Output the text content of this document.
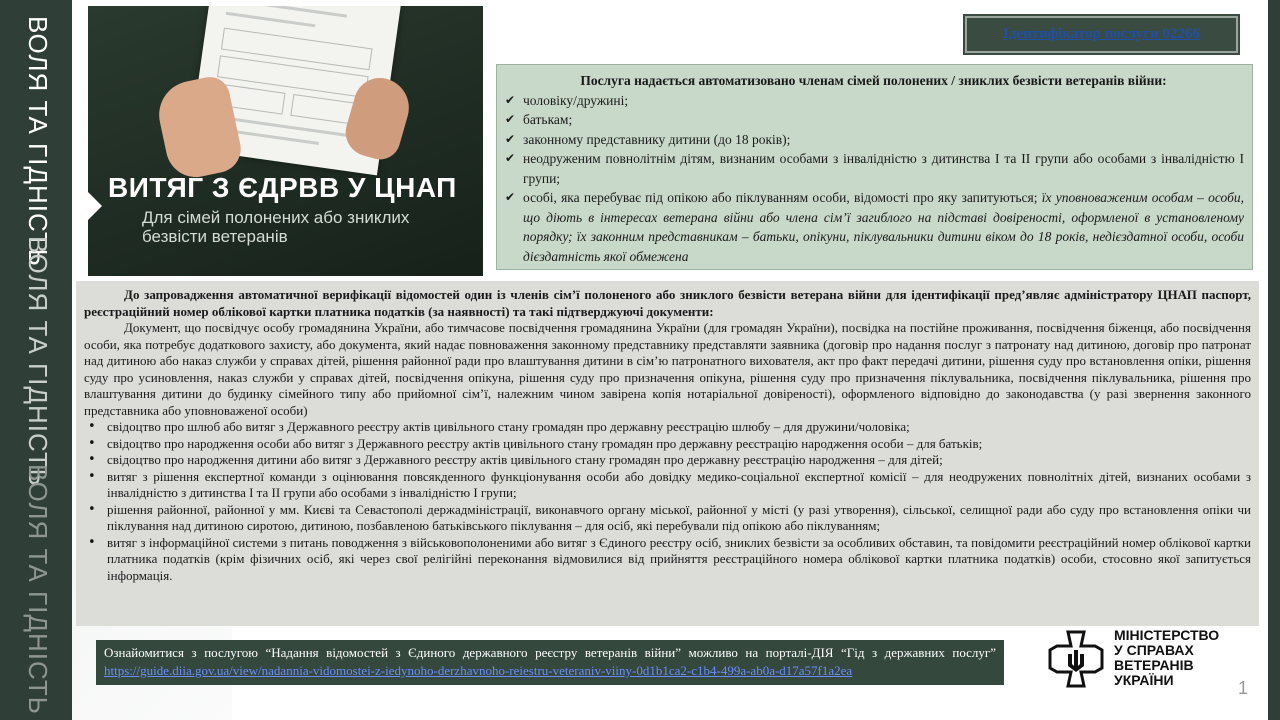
ВОЛЯ ТА ГІДНІСТЬ
ВОЛЯ ТА ГІДНІСТЬ
ВОЛЯ ТА ГІДНІСТЬ
ВИТЯГ З ЄДРВВ У ЦНАП
Для сімей полонених або зниклих безвісти ветеранів
Ідентифікатор послуги 02266
Послуга надається автоматизовано членам сімей полонених / зниклих безвісти ветеранів війни:
✔ чоловіку/дружині;
✔ батькам;
✔ законному представнику дитини (до 18 років);
✔ неодруженим повнолітнім дітям, визнаним особами з інвалідністю з дитинства I та II групи або особами з інвалідністю I групи;
✔ особі, яка перебуває під опікою або піклуванням особи, відомості про яку запитуються; їх уповноваженим особам – особи, що діють в інтересах ветерана війни або члена сім’ї загиблого на підставі довіреності, оформленої в установленому порядку; їх законним представникам – батьки, опікуни, піклувальники дитини віком до 18 років, недієздатної особи, особи дієздатність якої обмежена

До запровадження автоматичної верифікації відомостей один із членів сім’ї полоненого або зниклого безвісти ветерана війни для ідентифікації пред’являє адміністратору ЦНАП паспорт, реєстраційний номер облікової картки платника податків (за наявності) та такі підтверджуючі документи:

Документ, що посвідчує особу громадянина України, або тимчасове посвідчення громадянина України (для громадян України), посвідка на постійне проживання, посвідчення біженця, або посвідчення особи, яка потребує додаткового захисту, або документа, який надає повноваження законному представнику представляти заявника (договір про надання послуг з патронату над дитиною, договір про патронат над дитиною або наказ служби у справах дітей, рішення районної ради про влаштування дитини в сім’ю патронатного вихователя, акт про факт передачі дитини, рішення суду про встановлення опіки, рішення суду про усиновлення, наказ служби у справах дітей, посвідчення опікуна, рішення суду про призначення опікуна, рішення суду про призначення піклувальника, посвідчення піклувальника, рішення про влаштування дитини до будинку сімейного типу або прийомної сім’ї, належним чином завірена копія нотаріальної довіреності), оформленого відповідно до законодавства (у разі звернення законного представника або уповноваженої особи)

• свідоцтво про шлюб або витяг з Державного реєстру актів цивільного стану громадян про державну реєстрацію шлюбу – для дружини/чоловіка;
• свідоцтво про народження особи або витяг з Державного реєстру актів цивільного стану громадян про державну реєстрацію народження особи – для батьків;
• свідоцтво про народження дитини або витяг з Державного реєстру актів цивільного стану громадян про державну реєстрацію народження – для дітей;
• витяг з рішення експертної команди з оцінювання повсякденного функціонування особи або довідку медико-соціальної експертної комісії – для неодружених повнолітніх дітей, визнаних особами з інвалідністю з дитинства I та II групи або особами з інвалідністю I групи;
• рішення районної, районної у мм. Києві та Севастополі держадміністрації, виконавчого органу міської, районної у місті (у разі утворення), сільської, селищної ради або суду про встановлення опіки чи піклування над дитиною сиротою, дитиною, позбавленою батьківського піклування – для осіб, які перебували під опікою або піклуванням;
• витяг з інформаційної системи з питань поводження з військовополоненими або витяг з Єдиного реєстру осіб, зниклих безвісти за особливих обставин, та повідомити реєстраційний номер облікової картки платника податків (крім фізичних осіб, які через свої релігійні переконання відмовилися від прийняття реєстраційного номера облікової картки платника податків) особи, стосовно якої запитується інформація.
Ознайомитися з послугою “Надання відомостей з Єдиного державного реєстру ветеранів війни” можливо на порталі-ДІЯ “Гід з державних послуг” https://guide.diia.gov.ua/view/nadannia-vidomostei-z-iedynoho-derzhavnoho-reiestru-veteraniv-viiny-0d1b1ca2-c1b4-499a-ab0a-d17a57f1a2ea
МІНІСТЕРСТВО
У СПРАВАХ
ВЕТЕРАНІВ
УКРАЇНИ	1
